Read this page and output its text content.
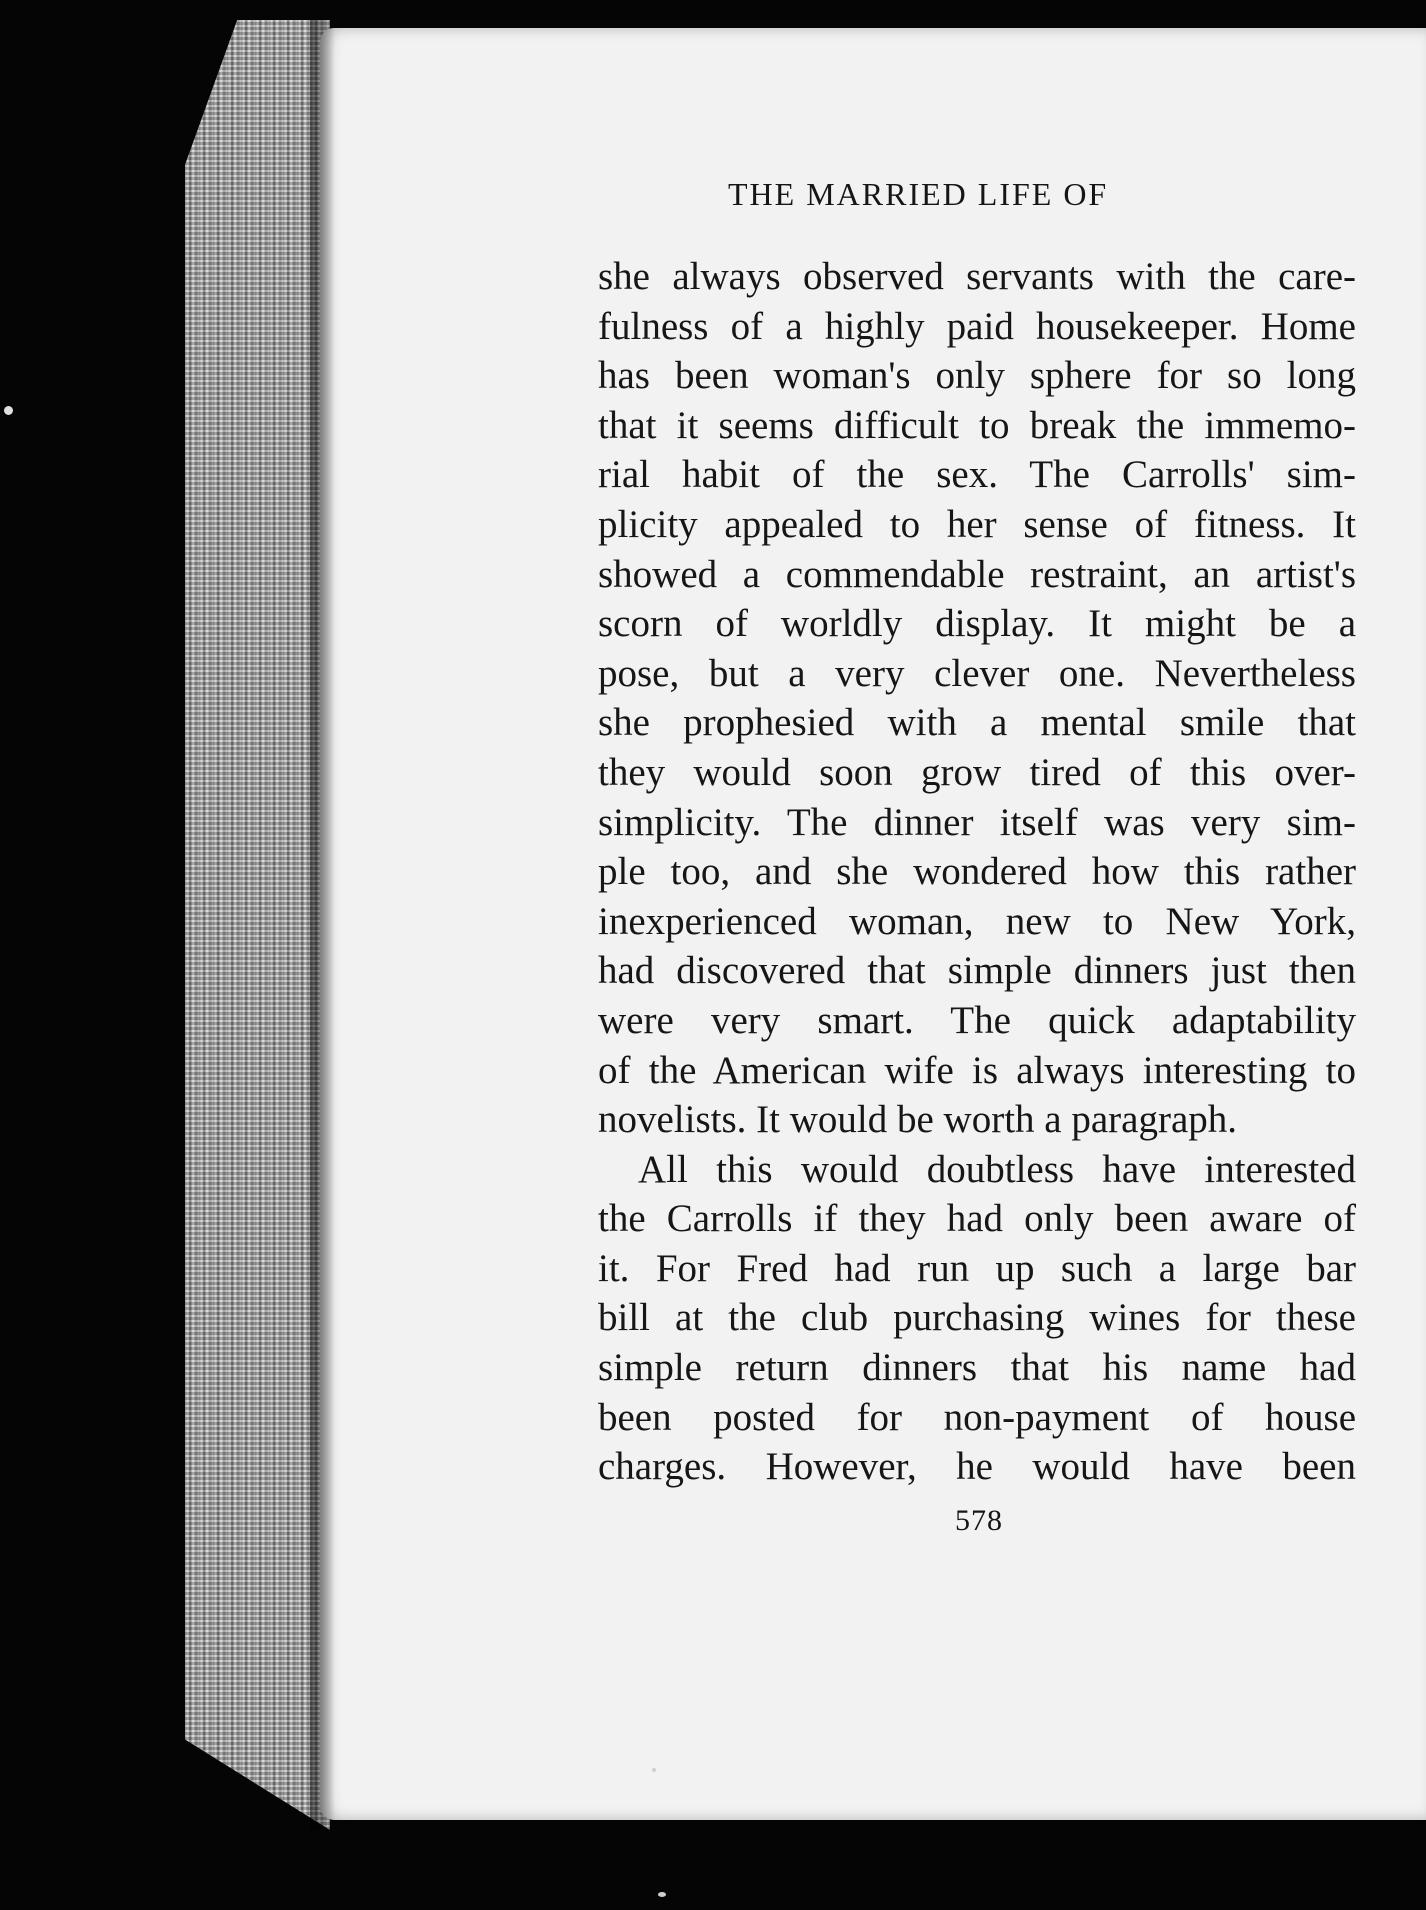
THE MARRIED LIFE OF
she always observed servants with the care-
fulness of a highly paid housekeeper. Home
has been woman's only sphere for so long
that it seems difficult to break the immemo-
rial habit of the sex. The Carrolls' sim-
plicity appealed to her sense of fitness. It
showed a commendable restraint, an artist's
scorn of worldly display. It might be a
pose, but a very clever one. Nevertheless
she prophesied with a mental smile that
they would soon grow tired of this over-
simplicity. The dinner itself was very sim-
ple too, and she wondered how this rather
inexperienced woman, new to New York,
had discovered that simple dinners just then
were very smart. The quick adaptability
of the American wife is always interesting to
novelists. It would be worth a paragraph.
All this would doubtless have interested
the Carrolls if they had only been aware of
it. For Fred had run up such a large bar
bill at the club purchasing wines for these
simple return dinners that his name had
been posted for non-payment of house
charges. However, he would have been
578
